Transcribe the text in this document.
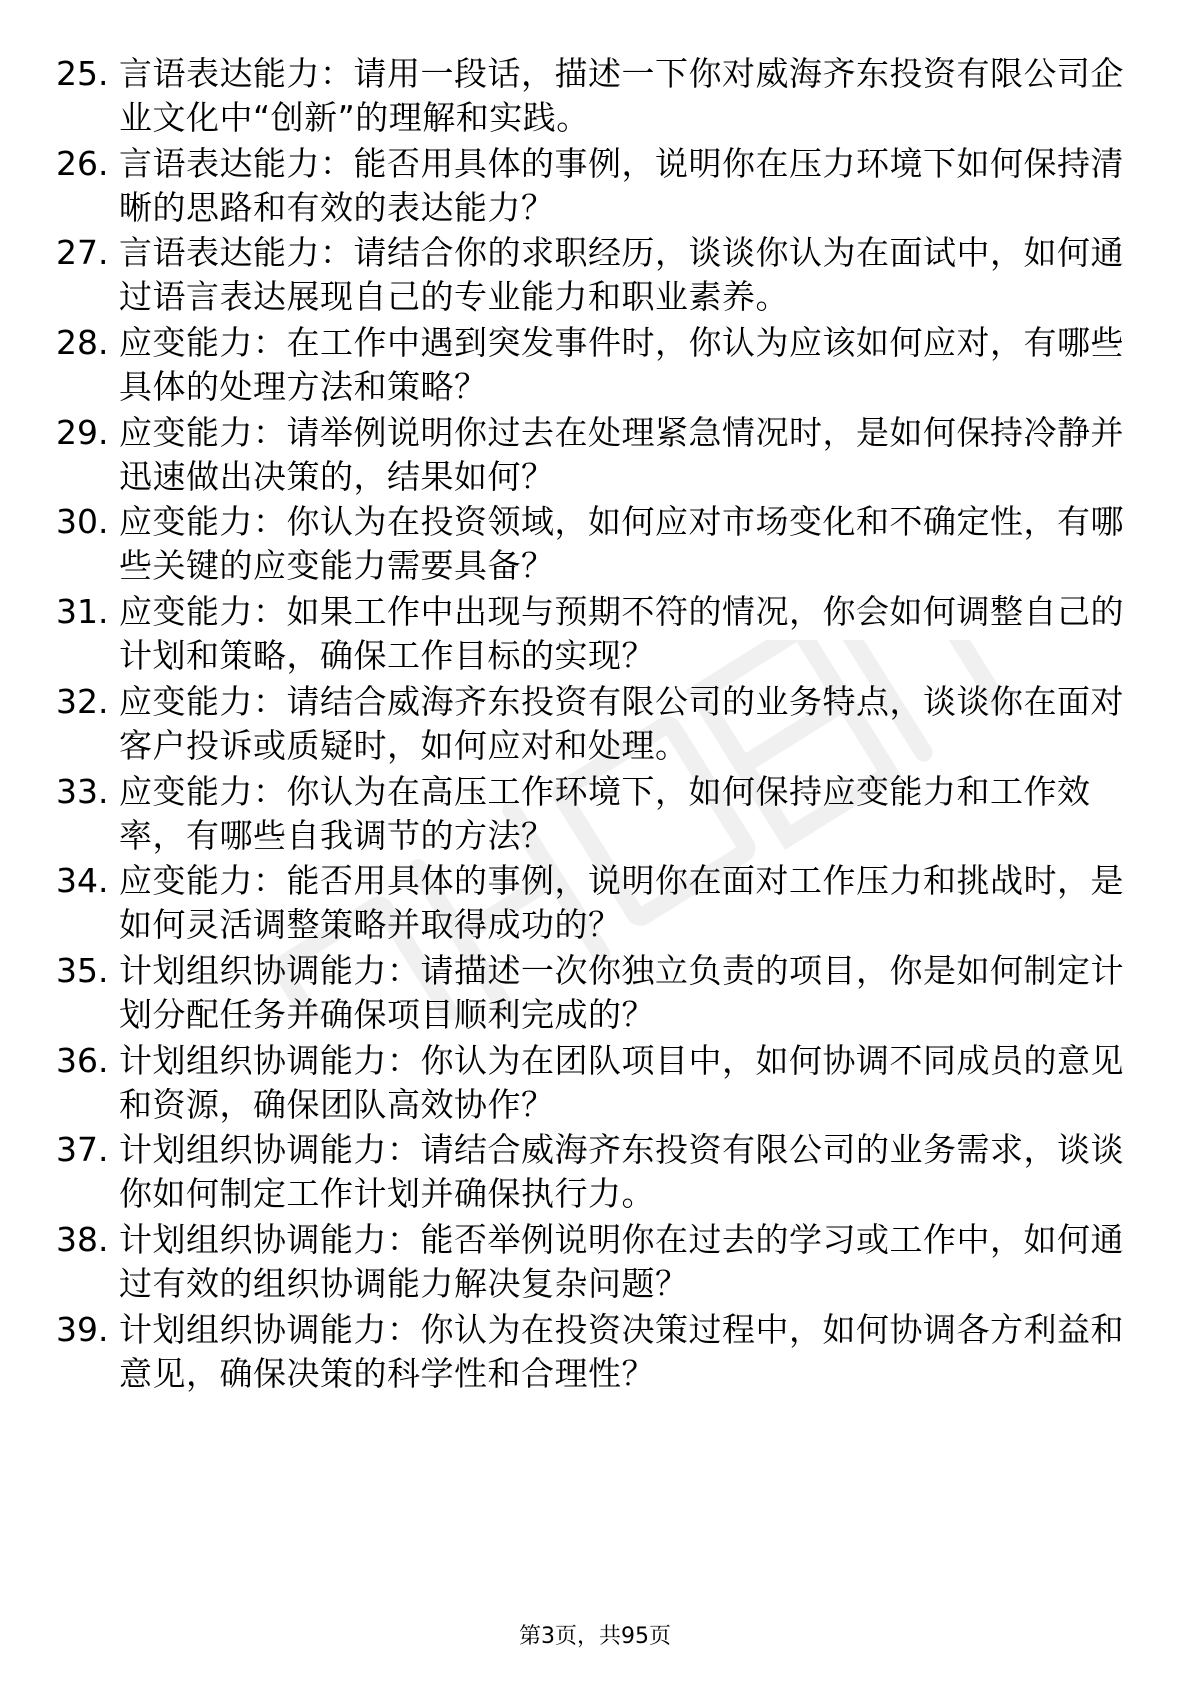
25. 言语表达能力：请用一段话，描述一下你对威海齐东投资有限公司企业文化中“创新”的理解和实践。
26. 言语表达能力：能否用具体的事例，说明你在压力环境下如何保持清晰的思路和有效的表达能力？
27. 言语表达能力：请结合你的求职经历，谈谈你认为在面试中，如何通过语言表达展现自己的专业能力和职业素养。
28. 应变能力：在工作中遇到突发事件时，你认为应该如何应对，有哪些具体的处理方法和策略？
29. 应变能力：请举例说明你过去在处理紧急情况时，是如何保持冷静并迅速做出决策的，结果如何？
30. 应变能力：你认为在投资领域，如何应对市场变化和不确定性，有哪些关键的应变能力需要具备？
31. 应变能力：如果工作中出现与预期不符的情况，你会如何调整自己的计划和策略，确保工作目标的实现？
32. 应变能力：请结合威海齐东投资有限公司的业务特点，谈谈你在面对客户投诉或质疑时，如何应对和处理。
33. 应变能力：你认为在高压工作环境下，如何保持应变能力和工作效率，有哪些自我调节的方法？
34. 应变能力：能否用具体的事例，说明你在面对工作压力和挑战时，是如何灵活调整策略并取得成功的？
35. 计划组织协调能力：请描述一次你独立负责的项目，你是如何制定计划分配任务并确保项目顺利完成的？
36. 计划组织协调能力：你认为在团队项目中，如何协调不同成员的意见和资源，确保团队高效协作？
37. 计划组织协调能力：请结合威海齐东投资有限公司的业务需求，谈谈你如何制定工作计划并确保执行力。
38. 计划组织协调能力：能否举例说明你在过去的学习或工作中，如何通过有效的组织协调能力解决复杂问题？
39. 计划组织协调能力：你认为在投资决策过程中，如何协调各方利益和意见，确保决策的科学性和合理性？
第3页，共95页
